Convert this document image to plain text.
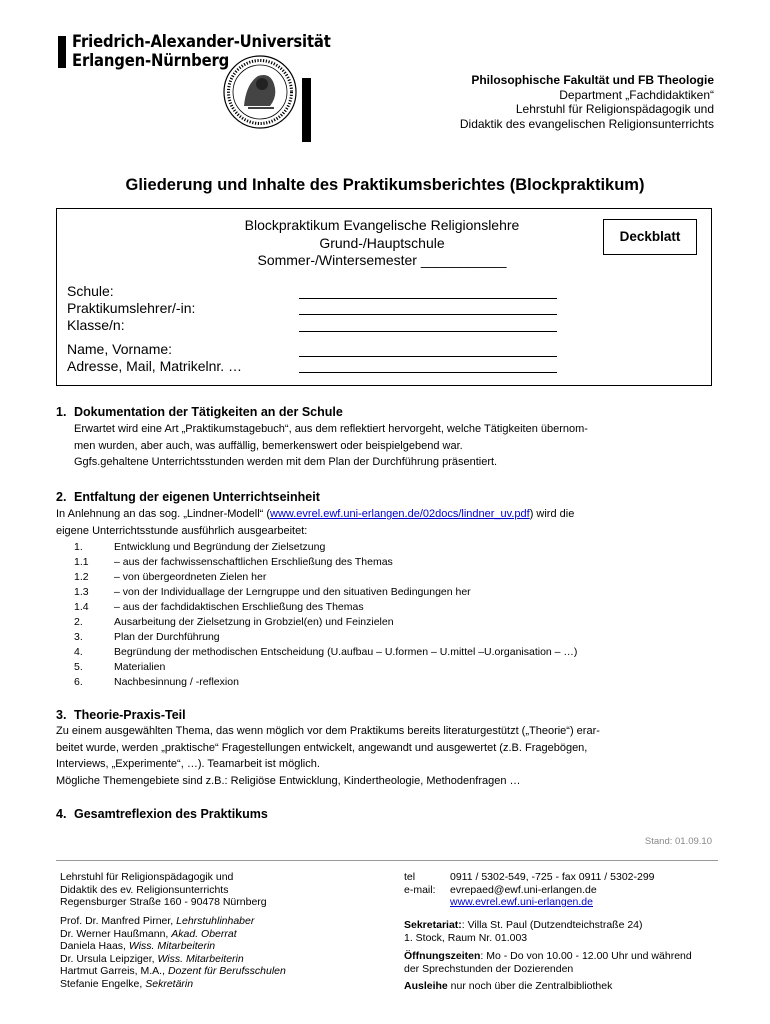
Friedrich-Alexander-Universität
Erlangen-Nürnberg
Philosophische Fakultät und FB Theologie
Department „Fachdidaktiken“
Lehrstuhl für Religionspädagogik und
Didaktik des evangelischen Religionsunterrichts
Gliederung und Inhalte des Praktikumsberichtes (Blockpraktikum)
Blockpraktikum Evangelische Religionslehre
Grund-/Hauptschule
Sommer-/Wintersemester ___________
Deckblatt
Schule:
Praktikumslehrer/-in:
Klasse/n:
Name, Vorname:
Adresse, Mail, Matrikelnr. …
1. Dokumentation der Tätigkeiten an der Schule
Erwartet wird eine Art „Praktikumstagebuch“, aus dem reflektiert hervorgeht, welche Tätigkeiten übernom-
men wurden, aber auch, was auffällig, bemerkenswert oder beispielgebend war.
Ggfs.gehaltene Unterrichtsstunden werden mit dem Plan der Durchführung präsentiert.
2. Entfaltung der eigenen Unterrichtseinheit
In Anlehnung an das sog. „Lindner-Modell“ (www.evrel.ewf.uni-erlangen.de/02docs/lindner_uv.pdf) wird die
eigene Unterrichtsstunde ausführlich ausgearbeitet:
1.	Entwicklung und Begründung der Zielsetzung
1.1	– aus der fachwissenschaftlichen Erschließung des Themas
1.2	– von übergeordneten Zielen her
1.3	– von der Individuallage der Lerngruppe und den situativen Bedingungen her
1.4	– aus der fachdidaktischen Erschließung des Themas
2.	Ausarbeitung der Zielsetzung in Grobziel(en) und Feinzielen
3.	Plan der Durchführung
4.	Begründung der methodischen Entscheidung (U.aufbau – U.formen – U.mittel –U.organisation – …)
5.	Materialien
6.	Nachbesinnung / -reflexion
3. Theorie-Praxis-Teil
Zu einem ausgewählten Thema, das wenn möglich vor dem Praktikums bereits literaturgestützt („Theorie“) erar-
beitet wurde, werden „praktische“ Fragestellungen entwickelt, angewandt und ausgewertet (z.B. Fragebögen,
Interviews, „Experimente“, …). Teamarbeit ist möglich.
Mögliche Themengebiete sind z.B.: Religiöse Entwicklung, Kindertheologie, Methodenfragen …
4. Gesamtreflexion des Praktikums
Stand: 01.09.10
Lehrstuhl für Religionspädagogik und
Didaktik des ev. Religionsunterrichts
Regensburger Straße 160 - 90478 Nürnberg
Prof. Dr. Manfred Pirner, Lehrstuhlinhaber
Dr. Werner Haußmann, Akad. Oberrat
Daniela Haas, Wiss. Mitarbeiterin
Dr. Ursula Leipziger, Wiss. Mitarbeiterin
Hartmut Garreis, M.A., Dozent für Berufsschulen
Stefanie Engelke, Sekretärin
tel	0911 / 5302-549, -725 - fax 0911 / 5302-299
e-mail: evrepaed@ewf.uni-erlangen.de
www.evrel.ewf.uni-erlangen.de
Sekretariat:: Villa St. Paul (Dutzendteichstraße 24)
1. Stock, Raum Nr. 01.003
Öffnungszeiten: Mo - Do von 10.00 - 12.00 Uhr und während
der Sprechstunden der Dozierenden
Ausleihe nur noch über die Zentralbibliothek
